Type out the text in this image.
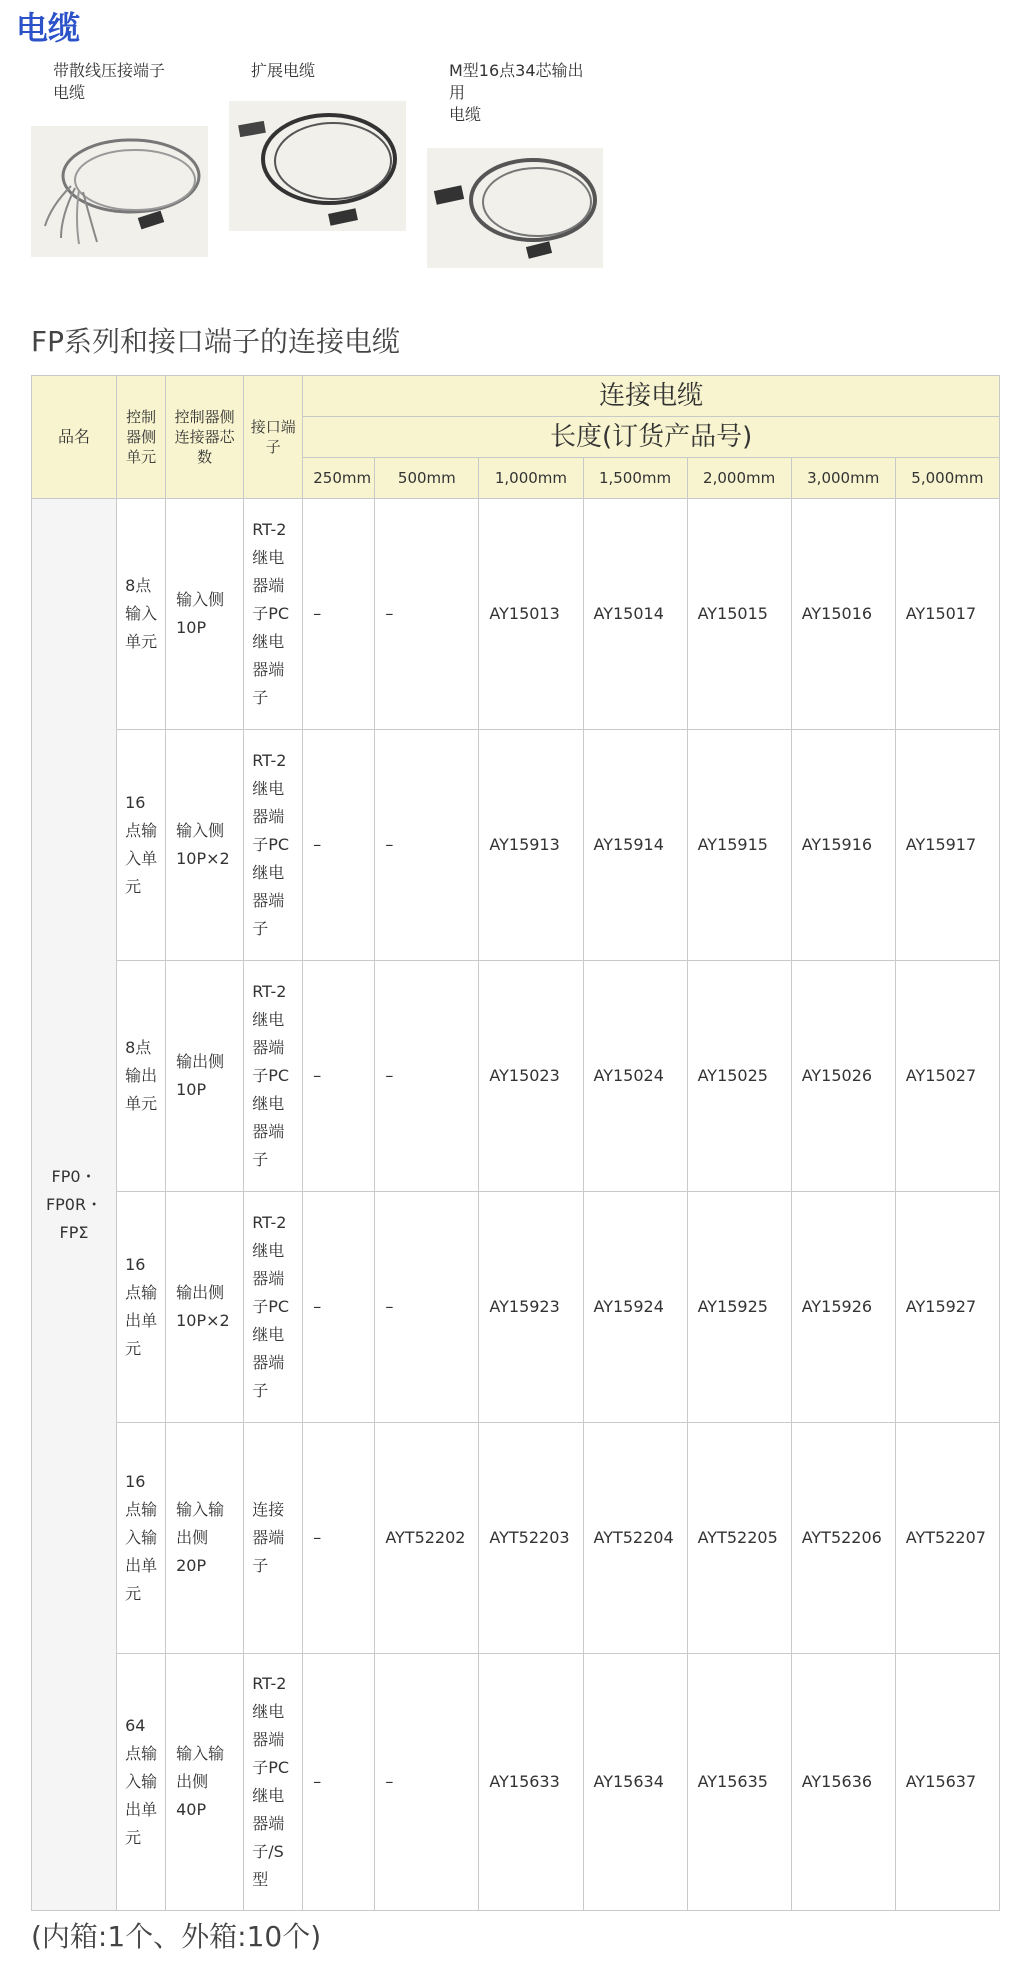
电缆
带散线压接端子
电缆
扩展电缆	M型16点34芯输出
用
电缆
FP系列和接口端子的连接电缆
品名	控制器侧单元	控制器侧连接器芯数	接口端子	连接电缆						
				长度(订货产品号)						
				250mm	500mm	1,000mm	1,500mm	2,000mm	3,000mm	5,000mm
FP0・FP0R・FPΣ	8点输入单元	输入侧10P	RT-2继电器端子PC继电器端子	–	–	AY15013	AY15014	AY15015	AY15016	AY15017
	16点输入单元	输入侧10P×2	RT-2继电器端子PC继电器端子	–	–	AY15913	AY15914	AY15915	AY15916	AY15917
	8点输出单元	输出侧10P	RT-2继电器端子PC继电器端子	–	–	AY15023	AY15024	AY15025	AY15026	AY15027
	16点输出单元	输出侧10P×2	RT-2继电器端子PC继电器端子	–	–	AY15923	AY15924	AY15925	AY15926	AY15927
	16点输入输出单元	输入输出侧20P	连接器端子	–	AYT52202	AYT52203	AYT52204	AYT52205	AYT52206	AYT52207
	64点输入输出单元	输入输出侧40P	RT-2继电器端子PC继电器端子/S型	–	–	AY15633	AY15634	AY15635	AY15636	AY15637
(内箱:1个、外箱:10个)
